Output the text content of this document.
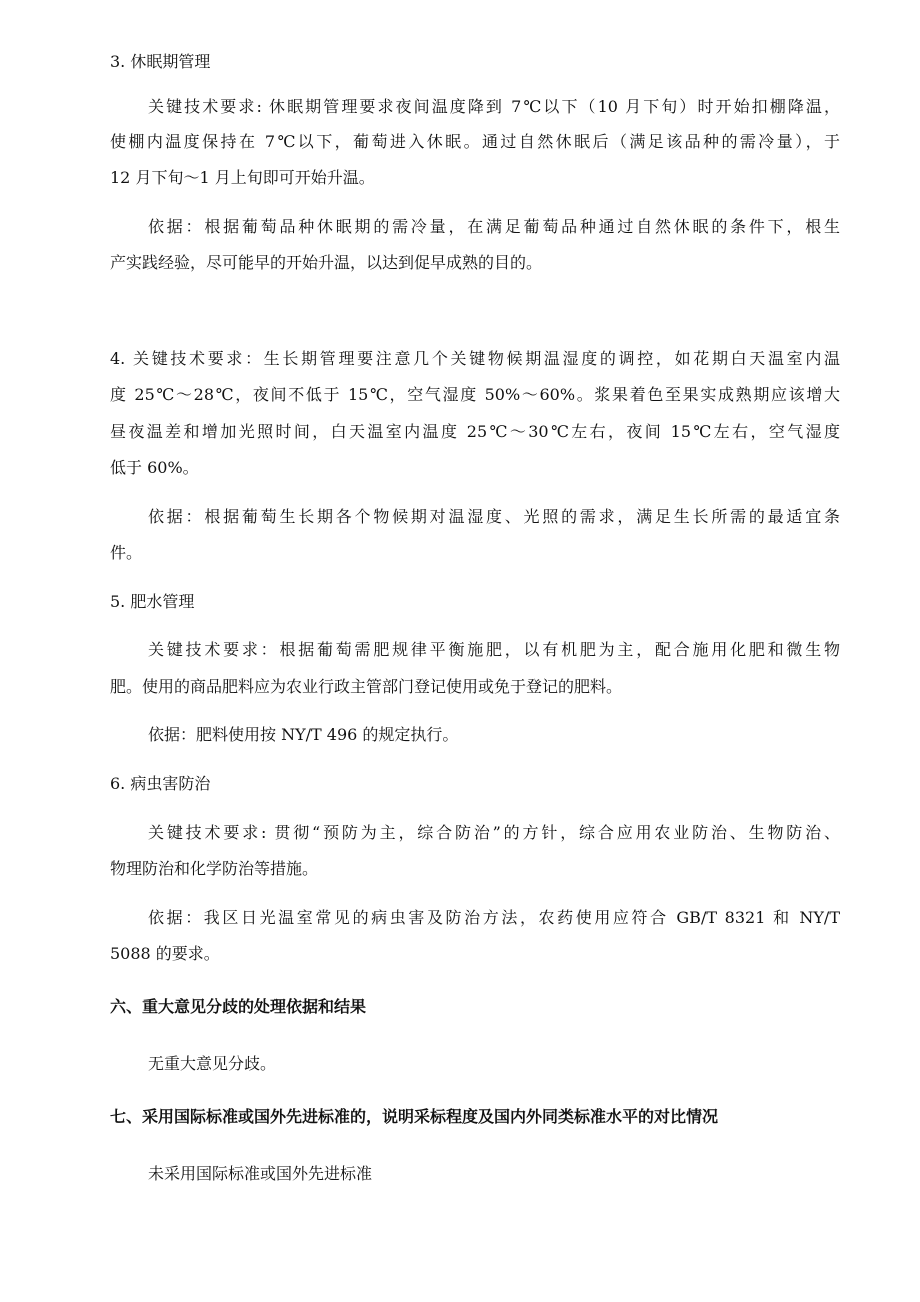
3. 休眠期管理
关键技术要求: 休眠期管理要求夜间温度降到 7℃以下（10 月下旬）时开始扣棚降温，
使棚内温度保持在 7℃以下，葡萄进入休眠。通过自然休眠后（满足该品种的需冷量），于
12 月下旬～1 月上旬即可开始升温。
依据：根据葡萄品种休眠期的需冷量，在满足葡萄品种通过自然休眠的条件下，根生
产实践经验，尽可能早的开始升温，以达到促早成熟的目的。
4. 关键技术要求：生长期管理要注意几个关键物候期温湿度的调控，如花期白天温室内温
度 25℃～28℃，夜间不低于 15℃，空气湿度 50%～60%。浆果着色至果实成熟期应该增大
昼夜温差和增加光照时间，白天温室内温度 25℃～30℃左右，夜间 15℃左右，空气湿度
低于 60%。
依据：根据葡萄生长期各个物候期对温湿度、光照的需求，满足生长所需的最适宜条
件。
5. 肥水管理
关键技术要求：根据葡萄需肥规律平衡施肥，以有机肥为主，配合施用化肥和微生物
肥。使用的商品肥料应为农业行政主管部门登记使用或免于登记的肥料。
依据：肥料使用按 NY/T 496 的规定执行。
6. 病虫害防治
关键技术要求: 贯彻“预防为主，综合防治”的方针，综合应用农业防治、生物防治、
物理防治和化学防治等措施。
依据：我区日光温室常见的病虫害及防治方法，农药使用应符合 GB/T 8321 和 NY/T
5088 的要求。
六、重大意见分歧的处理依据和结果
无重大意见分歧。
七、采用国际标准或国外先进标准的，说明采标程度及国内外同类标准水平的对比情况
未采用国际标准或国外先进标准
